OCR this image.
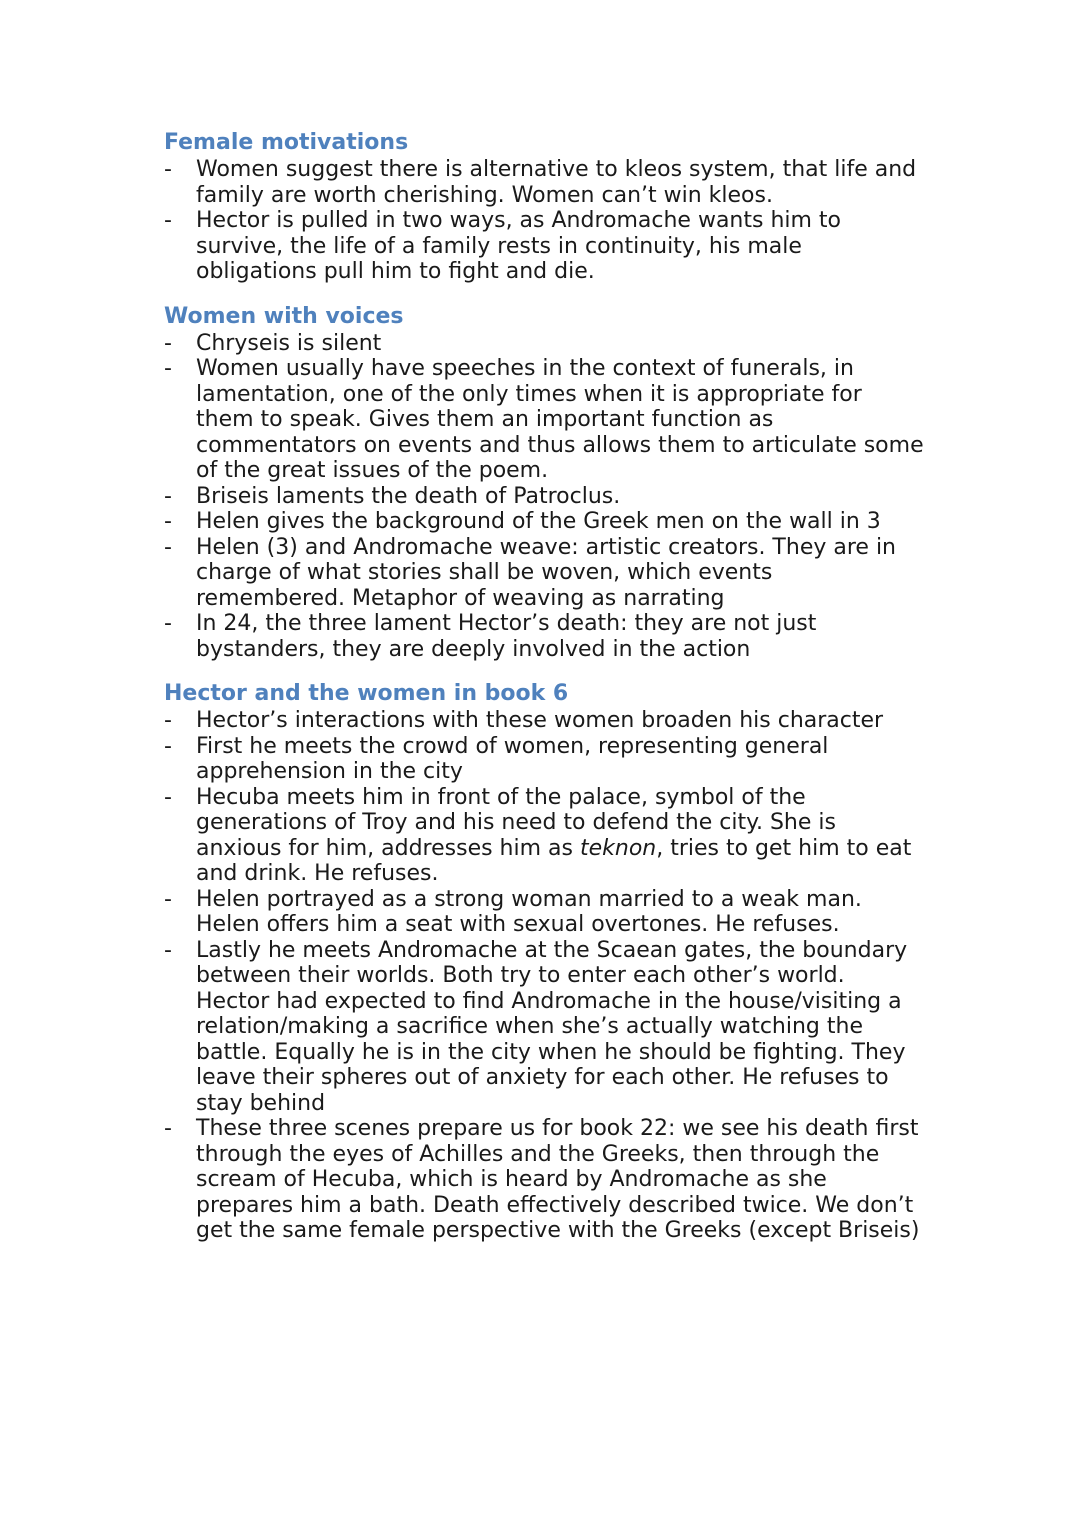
Female motivations
- Women suggest there is alternative to kleos system, that life and
family are worth cherishing. Women can’t win kleos.
- Hector is pulled in two ways, as Andromache wants him to
survive, the life of a family rests in continuity, his male
obligations pull him to fight and die.
Women with voices
- Chryseis is silent
- Women usually have speeches in the context of funerals, in
lamentation, one of the only times when it is appropriate for
them to speak. Gives them an important function as
commentators on events and thus allows them to articulate some
of the great issues of the poem.
- Briseis laments the death of Patroclus.
- Helen gives the background of the Greek men on the wall in 3
- Helen (3) and Andromache weave: artistic creators. They are in
charge of what stories shall be woven, which events
remembered. Metaphor of weaving as narrating
- In 24, the three lament Hector’s death: they are not just
bystanders, they are deeply involved in the action
Hector and the women in book 6
- Hector’s interactions with these women broaden his character
- First he meets the crowd of women, representing general
apprehension in the city
- Hecuba meets him in front of the palace, symbol of the
generations of Troy and his need to defend the city. She is
anxious for him, addresses him as teknon, tries to get him to eat
and drink. He refuses.
- Helen portrayed as a strong woman married to a weak man.
Helen offers him a seat with sexual overtones. He refuses.
- Lastly he meets Andromache at the Scaean gates, the boundary
between their worlds. Both try to enter each other’s world.
Hector had expected to find Andromache in the house/visiting a
relation/making a sacrifice when she’s actually watching the
battle. Equally he is in the city when he should be fighting. They
leave their spheres out of anxiety for each other. He refuses to
stay behind
- These three scenes prepare us for book 22: we see his death first
through the eyes of Achilles and the Greeks, then through the
scream of Hecuba, which is heard by Andromache as she
prepares him a bath. Death effectively described twice. We don’t
get the same female perspective with the Greeks (except Briseis)
